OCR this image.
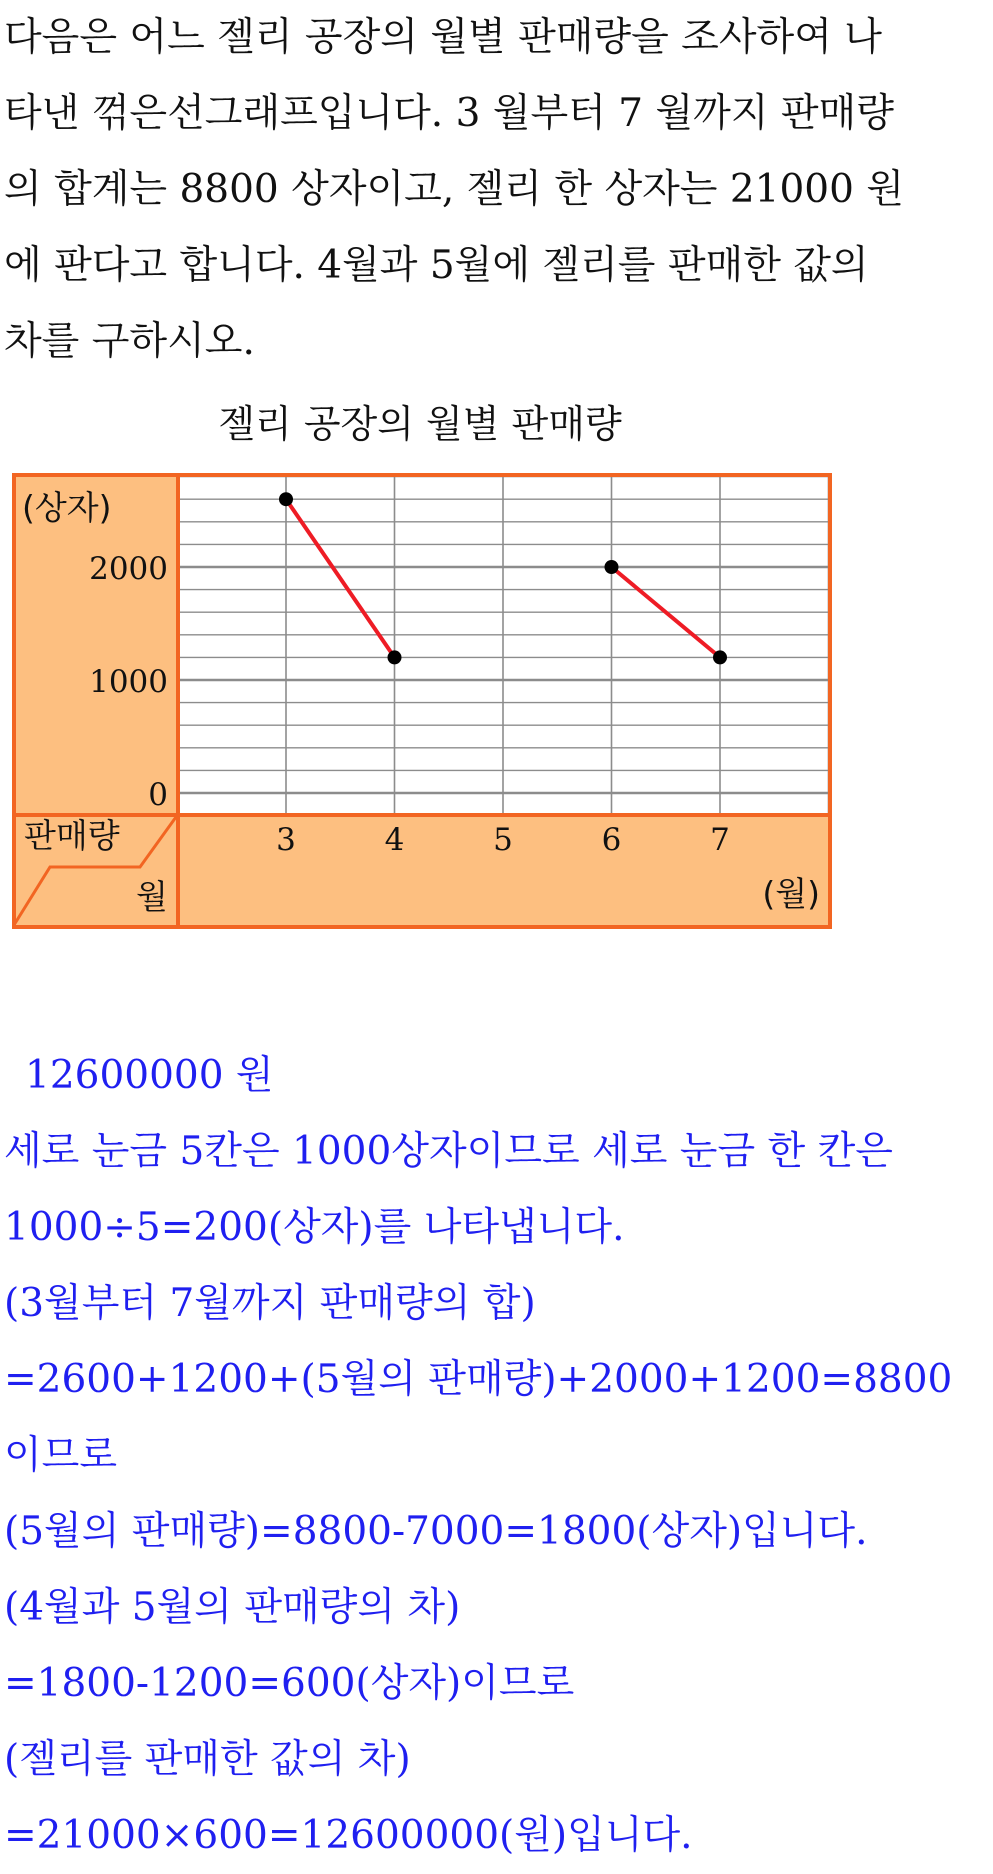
다음은 어느 젤리 공장의 월별 판매량을 조사하여 나
타낸 꺾은선그래프입니다. 3 월부터 7 월까지 판매량
의 합계는 8800 상자이고, 젤리 한 상자는 21000 원
에 판다고 합니다. 4월과 5월에 젤리를 판매한 값의
차를 구하시오.
젤리 공장의 월별 판매량
(상자)
(월)
판매량
월
2000
1000
0
3	4	5	6	7
12600000 원
세로 눈금 5칸은 1000상자이므로 세로 눈금 한 칸은
1000÷5=200(상자)를 나타냅니다.
(3월부터 7월까지 판매량의 합)
=2600+1200+(5월의 판매량)+2000+1200=8800
이므로
(5월의 판매량)=8800-7000=1800(상자)입니다.
(4월과 5월의 판매량의 차)
=1800-1200=600(상자)이므로
(젤리를 판매한 값의 차)
=21000×600=12600000(원)입니다.
